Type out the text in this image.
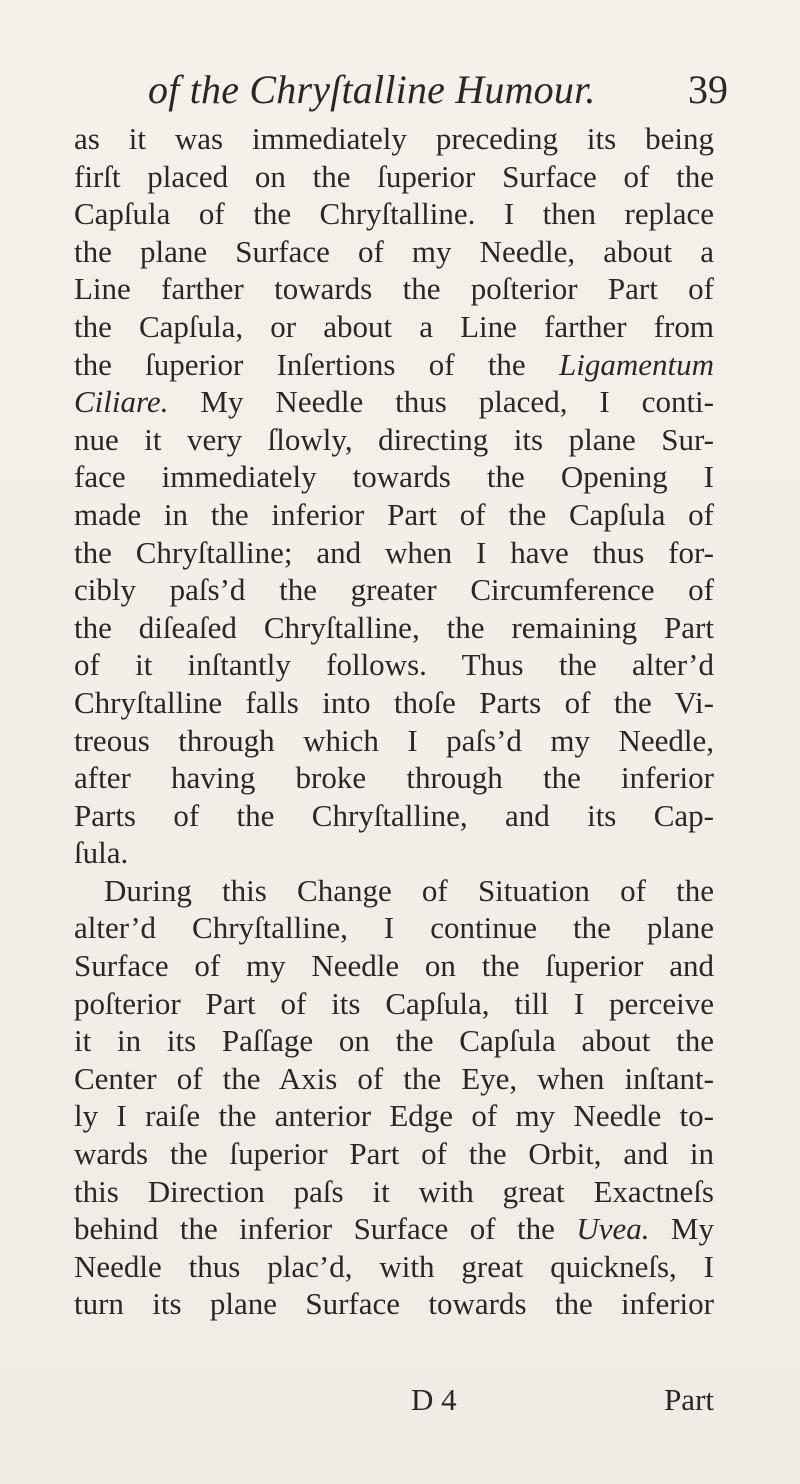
of the Chryſtalline Humour. 39
as it was immediately preceding its being
firſt placed on the ſuperior Surface of the
Capſula of the Chryſtalline. I then replace
the plane Surface of my Needle, about a
Line farther towards the poſterior Part of
the Capſula, or about a Line farther from
the ſuperior Inſertions of the Ligamentum
Ciliare. My Needle thus placed, I conti-
nue it very ſlowly, directing its plane Sur-
face immediately towards the Opening I
made in the inferior Part of the Capſula of
the Chryſtalline; and when I have thus for-
cibly paſs’d the greater Circumference of
the diſeaſed Chryſtalline, the remaining Part
of it inſtantly follows. Thus the alter’d
Chryſtalline falls into thoſe Parts of the Vi-
treous through which I paſs’d my Needle,
after having broke through the inferior
Parts of the Chryſtalline, and its Cap-
ſula.
During this Change of Situation of the
alter’d Chryſtalline, I continue the plane
Surface of my Needle on the ſuperior and
poſterior Part of its Capſula, till I perceive
it in its Paſſage on the Capſula about the
Center of the Axis of the Eye, when inſtant-
ly I raiſe the anterior Edge of my Needle to-
wards the ſuperior Part of the Orbit, and in
this Direction paſs it with great Exactneſs
behind the inferior Surface of the Uvea. My
Needle thus plac’d, with great quickneſs, I
turn its plane Surface towards the inferior
D 4	Part
